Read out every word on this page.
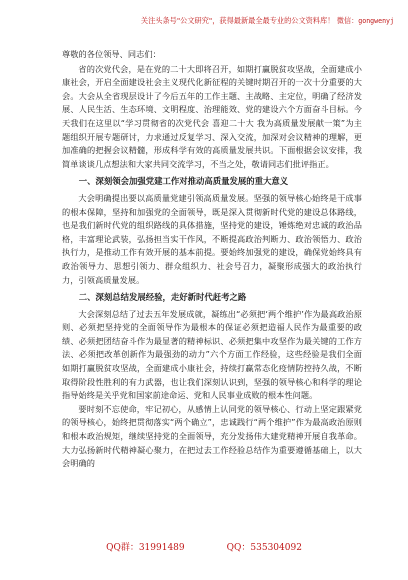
关注头条号"公文研究"，获得最新最全最专业的公文资料库！ 微信：gongwenyj

尊敬的各位领导、同志们：

省的次党代会，是在党的二十大即将召开，如期打赢脱贫攻坚战，全面建成小康社会，开启全面建设社会主义现代化新征程的关键时期召开的一次十分重要的大会。大会从全省现层设计了今后五年的工作主题、主战略、主定位，明确了经济发展、人民生活、生态环境、文明程度、治理能效、党的建设六个方面奋斗目标。今天我们在这里以“学习贯彻省的次党代会 喜迎二十大 我为高质量发展献一策”为主题组织开展专题研讨，力求通过反复学习、深入交流，加深对会议精神的理解，更加准确的把握会议精髓，形成科学有效的高质量发展共识。下面根据会议安排，我简单谈谈几点想法和大家共同交流学习，不当之处，敬请同志们批评指正。

一、深刻领会加强党建工作对推动高质量发展的重大意义

大会明确提出要以高质量党建引领高质量发展。坚强的领导核心始终是干成事的根本保障，坚持和加强党的全面领导，既是深入贯彻新时代党的建设总体路线，也是我们新时代党的组织路线的具体措施，坚持党的建设，锤炼绝对忠诚的政治品格，丰富理论武装，弘扬担当实干作风，不断提高政治判断力、政治领悟力、政治执行力，是推动工作有效开展的基本前提。要始终加强党的建设，确保党始终具有政治领导力、思想引领力、群众组织力、社会号召力，凝聚形成强大的政治执行力，引领高质量发展。

二、深刻总结发展经验，走好新时代赶考之路

大会深刻总结了过去五年发展成就，凝练出“必须把‘两个维护’作为最高政治原则、必须把坚持党的全面领导作为最根本的保证必须把造福人民作为最重要的政绩、必须把团结奋斗作为最显著的精神标识、必须把集中攻坚作为最关键的工作方法、必须把改革创新作为最强劲的动力”六个方面工作经验，这些经验是我们全面如期打赢脱贫攻坚战，全面建成小康社会，持续打赢常态化疫情防控持久战，不断取得阶段性胜利的有力武器，也让我们深刻认识到，坚强的领导核心和科学的理论指导始终是关乎党和国家前途命运、党和人民事业成败的根本性问题。

要时刻不忘使命，牢记初心，从感情上认同党的领导核心、行动上坚定跟紧党的领导核心，始终把贯彻落实“两个确立”，忠诚践行“两个维护”作为最高政治原则和根本政治规矩，继续坚持党的全面领导，充分发扬伟大建党精神开展自我革命。大力弘扬新时代精神凝心聚力，在把过去工作经验总结作为重要遵循基础上，以大会明确的

QQ群：31991489	QQ：535304092
